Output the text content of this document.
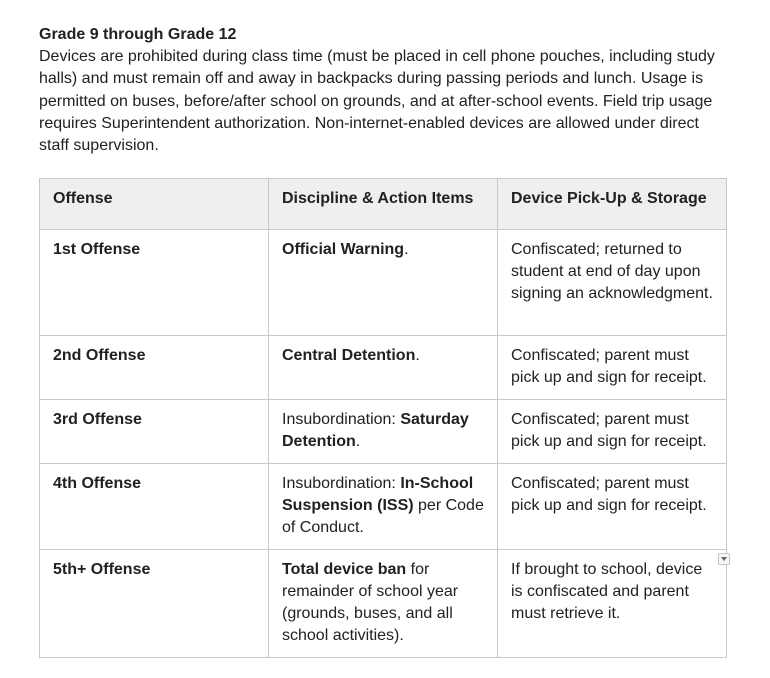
Grade 9 through Grade 12

Devices are prohibited during class time (must be placed in cell phone pouches, including study halls) and must remain off and away in backpacks during passing periods and lunch. Usage is permitted on buses, before/after school on grounds, and at after-school events. Field trip usage requires Superintendent authorization. Non-internet-enabled devices are allowed under direct staff supervision.

Offense	Discipline & Action Items	Device Pick-Up & Storage
1st Offense	Official Warning.	Confiscated; returned to student at end of day upon signing an acknowledgment.
2nd Offense	Central Detention.	Confiscated; parent must pick up and sign for receipt.
3rd Offense	Insubordination: Saturday Detention.	Confiscated; parent must pick up and sign for receipt.
4th Offense	Insubordination: In-School Suspension (ISS) per Code of Conduct.	Confiscated; parent must pick up and sign for receipt.
5th+ Offense	Total device ban for remainder of school year (grounds, buses, and all school activities).	If brought to school, device is confiscated and parent must retrieve it.
